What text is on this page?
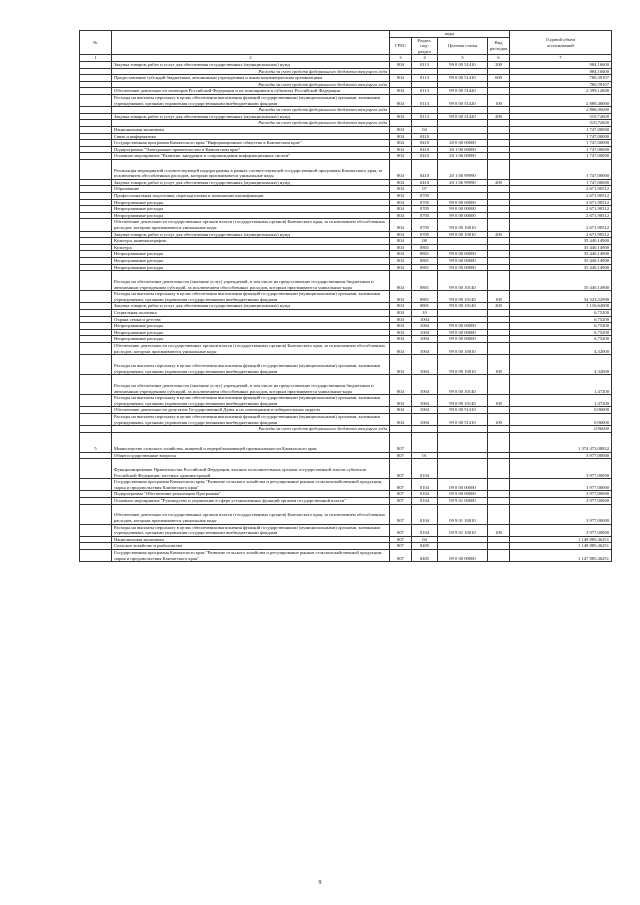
№		коды				Годовой объем
ассигнований
		ГРБС	Раздел, под-
раздел	Целевая статья	Вид
расходов	
1	2	3	4	5	6	7
	Закупка товаров, работ и услуг для обеспечения государственных (муниципальных) нужд	804	0113	99 0 00 51410	200	984,16600
	Расходы за счет средств федерального бюджета текущего года					984,16600
	Предоставление субсидий бюджетным, автономным учреждениям и иным некоммерческим организациям	804	0113	99 0 00 51410	600	780,39107
	Расходы за счет средств федерального бюджета текущего года					780,39107
	Обеспечение деятельности сенаторов Российской Федерации и их помощников в субъектах Российской Федерации	804	0113	99 0 00 51420		2 399,12600
	Расходы на выплаты персоналу в целях обеспечения выполнения функций государственными (муниципальными) органами, казенными учреждениями, органами управления государственными внебюджетными фондами	804	0113	99 0 00 51420	100	2 888,40000
	Расходы за счет средств федерального бюджета текущего года					2 888,40000
	Закупка товаров, работ и услуг для обеспечения государственных (муниципальных) нужд	804	0113	99 0 00 51420	200	510,72600
	Расходы за счет средств федерального бюджета текущего года					510,72600
	Национальная экономика	804	04			1 747,00000
	Связь и информатика	804	0410			1 747,00000
	Государственная программа Камчатского края "Информационное общество в Камчатском крае"	804	0410	20 0 00 00000		1 747,00000
	Подпрограмма "Электронное правительство в Камчатском крае"	804	0410	20 1 00 00000		1 747,00000
	Основное мероприятие "Развитие, внедрение и сопровождение информационных систем"	804	0410	20 1 06 00000		1 747,00000
	Реализация мероприятий соответствующей подпрограммы в рамках соответствующей государственной программы Камчатского края, за исключением обособленных расходов, которым присваиваются уникальные коды	804	0410	20 1 06 99990		1 747,00000
	Закупка товаров, работ и услуг для обеспечения государственных (муниципальных) нужд	804	0410	20 1 06 99990	200	1 747,00000
	Образование	804	07			2 671,90512
	Профессиональная подготовка, переподготовка и повышение квалификации	804	0705			2 671,90512
	Непрограммные расходы	804	0705	99 0 00 00000		2 671,90512
	Непрограммные расходы	804	0705	99 0 00 00000		2 671,90512
	Непрограммные расходы	804	0705	99 0 00 00000		2 671,90512
	Обеспечение деятельности государственных органов власти (государственных органов) Камчатского края, за исключением обособленных расходов, которым присваиваются уникальные коды	804	0705	99 0 00 10010		2 671,90512
	Закупка товаров, работ и услуг для обеспечения государственных (муниципальных) нужд	804	0705	99 0 00 10010	200	2 671,90512
	Культура, кинематография	804	08			35 440,14900
	Культура	804	0801			35 440,14900
	Непрограммные расходы	804	0801	99 0 00 00000		35 440,14900
	Непрограммные расходы	804	0801	99 0 00 00000		35 440,14900
	Непрограммные расходы	804	0801	99 0 00 00000		35 440,14900
	Расходы на обеспечение деятельности (оказание услуг) учреждений, в том числе на предоставление государственным бюджетным и автономным учреждениям субсидий, за исключением обособленных расходов, которым присваиваются уникальные коды	804	0801	99 0 00 10140		35 440,14900
	Расходы на выплаты персоналу в целях обеспечения выполнения функций государственными (муниципальными) органами, казенными учреждениями, органами управления государственными внебюджетными фондами	804	0801	99 0 00 10140	100	34 323,52900
	Закупка товаров, работ и услуг для обеспечения государственных (муниципальных) нужд	804	0801	99 0 00 10140	200	1 116,62000
	Социальная политика	804	10			6,75200
	Охрана семьи и детства	804	1004			6,75200
	Непрограммные расходы	804	1004	99 0 00 00000		6,75200
	Непрограммные расходы	804	1004	99 0 00 00000		6,75200
	Непрограммные расходы	804	1004	99 0 00 00000		6,75200
	Обеспечение деятельности государственных органов власти (государственных органов) Камчатского края, за исключением обособленных расходов, которым присваиваются уникальные коды	804	1004	99 0 00 10010		4,32000
	Расходы на выплаты персоналу в целях обеспечения выполнения функций государственными (муниципальными) органами, казенными учреждениями, органами управления государственными внебюджетными фондами	804	1004	99 0 00 10010	100	4,32000
	Расходы на обеспечение деятельности (оказание услуг) учреждений, в том числе на предоставление государственным бюджетным и автономным учреждениям субсидий, за исключением обособленных расходов, которым присваиваются уникальные коды	804	1004	99 0 00 10140		1,47200
	Расходы на выплаты персоналу в целях обеспечения выполнения функций государственными (муниципальными) органами, казенными учреждениями, органами управления государственными внебюджетными фондами	804	1004	99 0 00 10140	100	1,47200
	Обеспечение деятельности депутатов Государственной Думы и их помощников в избирательных округах	804	1004	99 0 00 51410		0,96000
	Расходы на выплаты персоналу в целях обеспечения выполнения функций государственными (муниципальными) органами, казенными учреждениями, органами управления государственными внебюджетными фондами	804	1004	99 0 00 51410	100	0,96000
	Расходы за счет средств федерального бюджета текущего года					0,96000
5	Министерство сельского хозяйства, пищевой и перерабатывающей промышленности Камчатского края	807				1 374 473,08832
	Общегосударственные вопросы	807	01			3 977,00000
	Функционирование Правительства Российской Федерации, высших исполнительных органов государственной власти субъектов Российской Федерации, местных администраций	807	0104			3 977,00000
	Государственная программа Камчатского края "Развитие сельского хозяйства и регулирование рынков сельскохозяйственной продукции, сырья и продовольствия Камчатского края"	807	0104	09 0 00 00000		3 977,00000
	Подпрограмма "Обеспечение реализации Программы"	807	0104	09 9 00 00000		3 977,00000
	Основное мероприятие "Руководство и управление в сфере установленных функций органов государственной власти"	807	0104	09 9 01 00000		3 977,00000
	Обеспечение деятельности государственных органов власти (государственных органов) Камчатского края, за исключением обособленных расходов, которым присваиваются уникальные коды	807	0104	09 9 01 10010		3 977,00000
	Расходы на выплаты персоналу в целях обеспечения выполнения функций государственными (муниципальными) органами, казенными учреждениями, органами управления государственными внебюджетными фондами	807	0104	09 9 01 10010	100	3 977,00000
	Национальная экономика	807	04			1 149 885,46251
	Сельское хозяйство и рыболовство	807	0405			1 149 885,46251
	Государственная программа Камчатского края "Развитие сельского хозяйства и регулирование рынков сельскохозяйственной продукции, сырья и продовольствия Камчатского края"	807	0405	09 0 00 00000		1 147 885,46251
9
